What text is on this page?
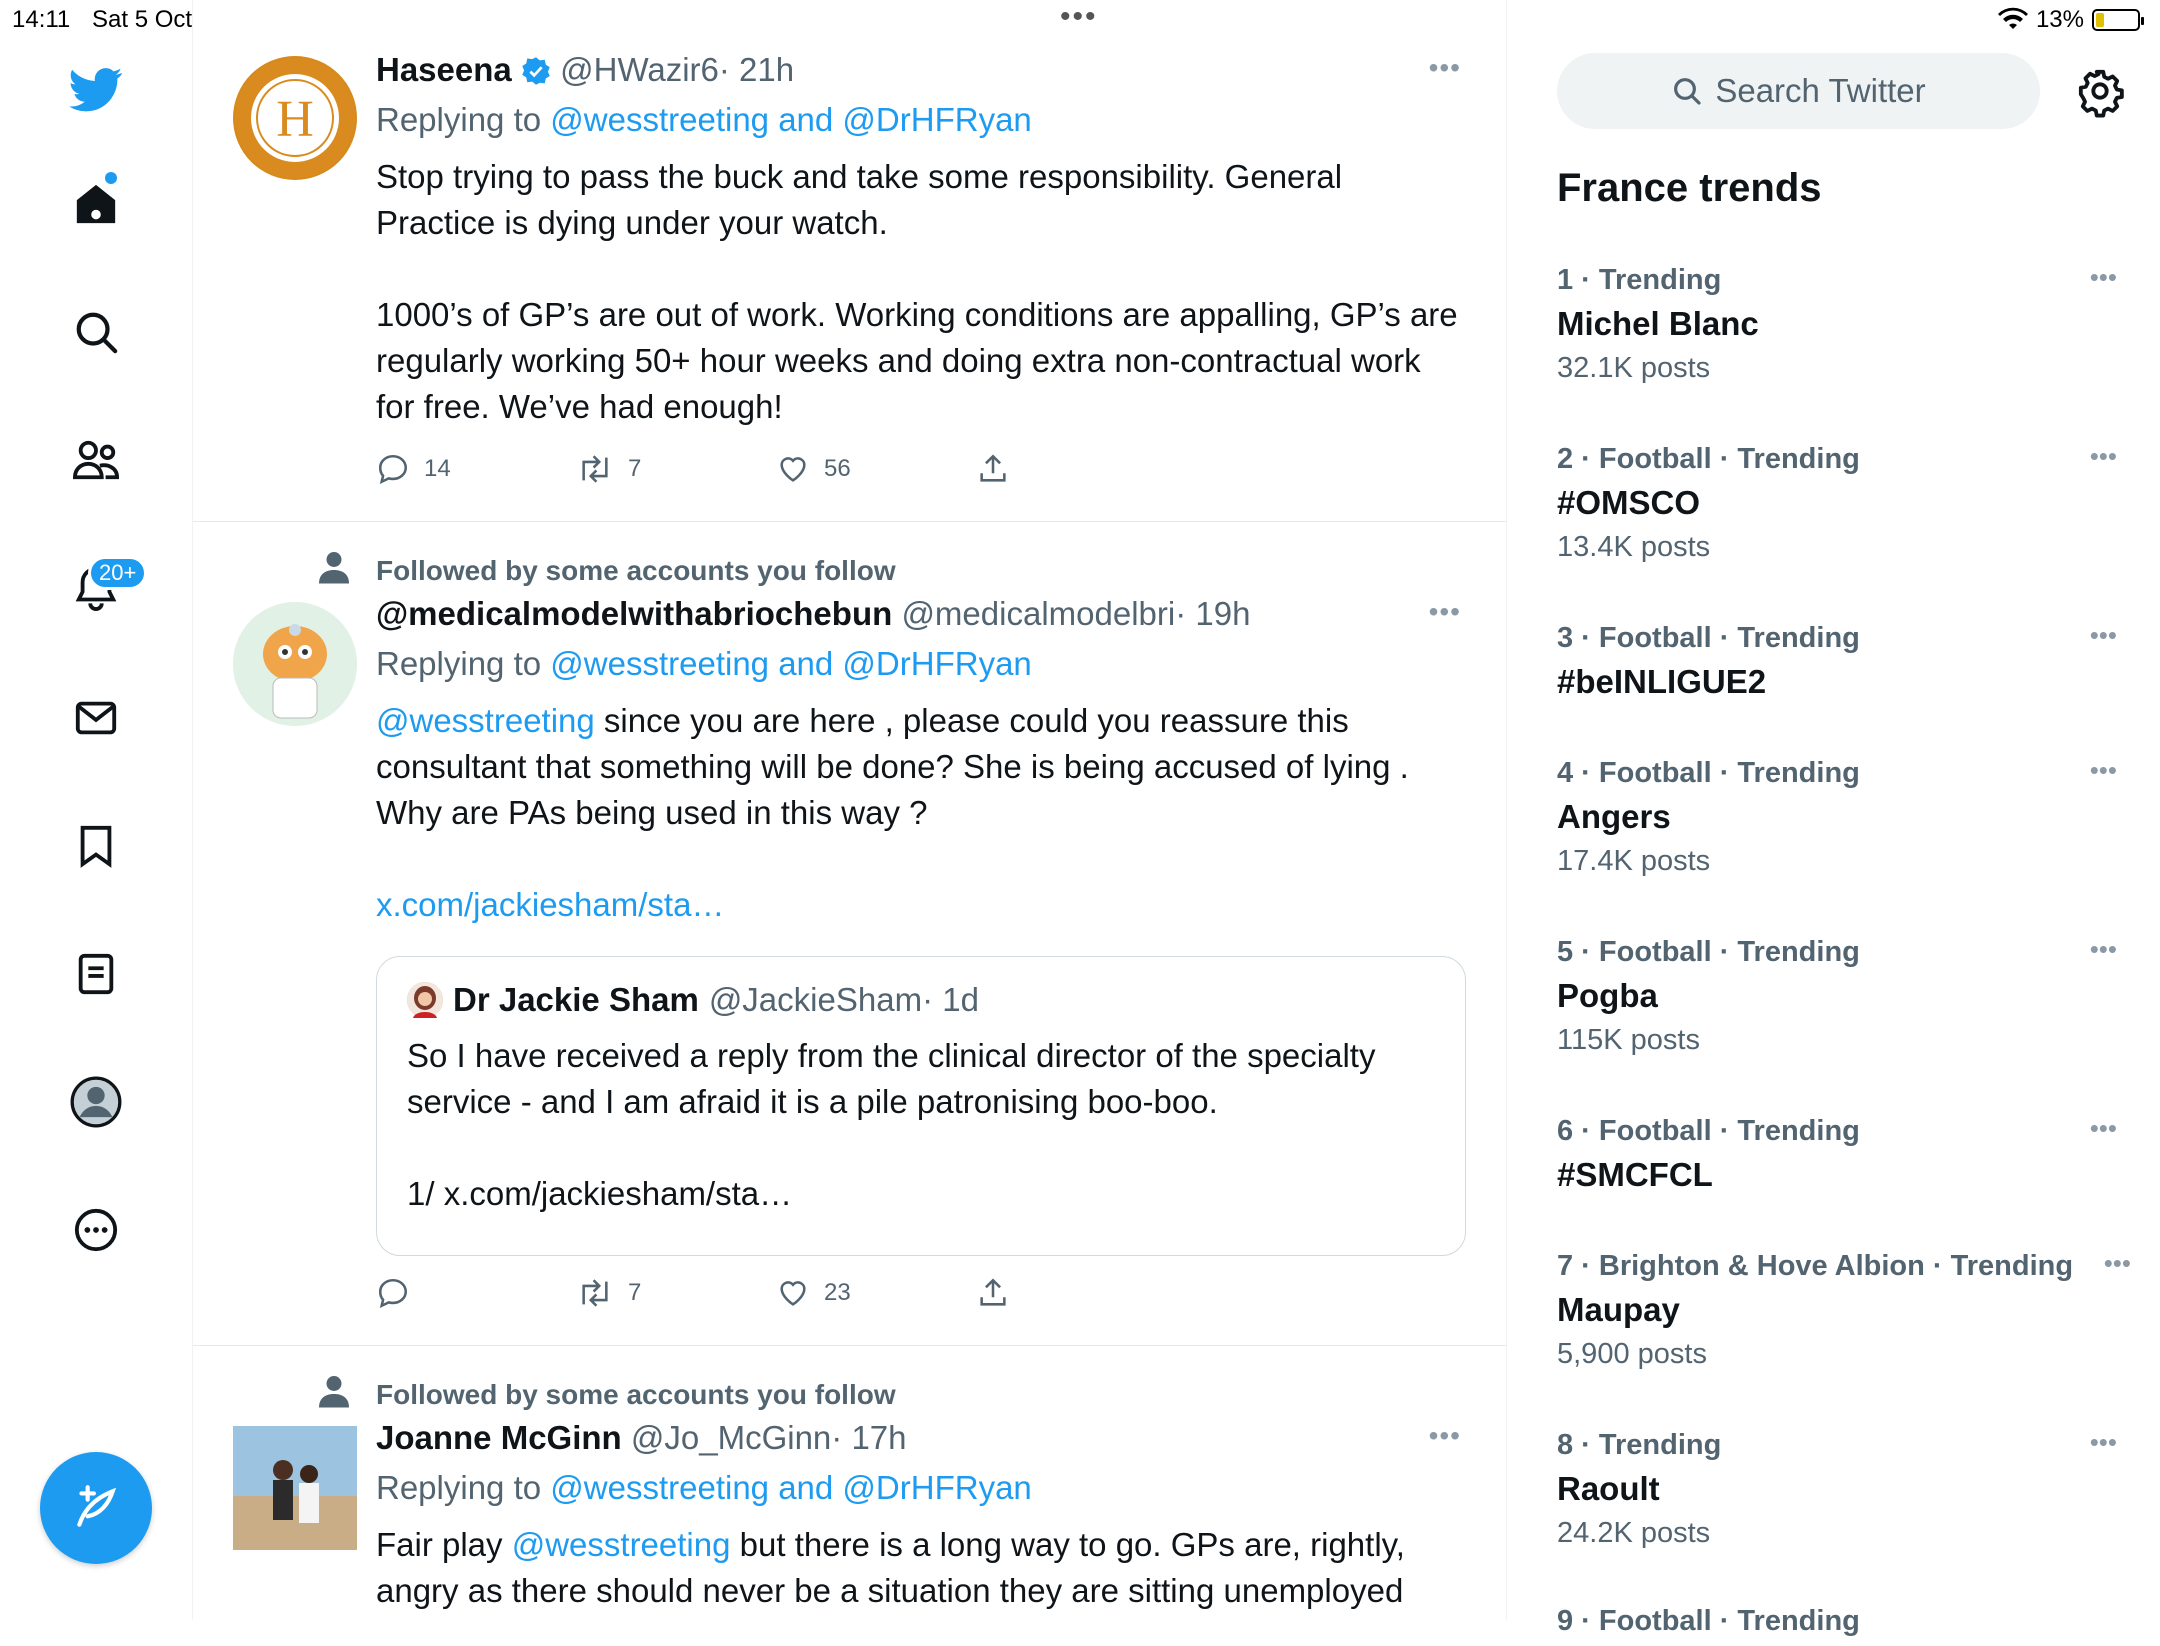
14:11 Sat 5 Oct	•••	13%
20+
H
Haseena @HWazir6· 21h
Replying to @wesstreeting and @DrHFRyan
Stop trying to pass the buck and take some responsibility. General Practice is dying under your watch.

1000’s of GP’s are out of work. Working conditions are appalling, GP’s are regularly working 50+ hour weeks and doing extra non-contractual work for free. We’ve had enough!
•••
14	7	56
Followed by some accounts you follow
@medicalmodelwithabriochebun @medicalmodelbri· 19h
Replying to @wesstreeting and @DrHFRyan
@wesstreeting since you are here , please could you reassure this consultant that something will be done? She is being accused of lying . Why are PAs being used in this way ?

x.com/jackiesham/sta…
•••
Dr Jackie Sham @JackieSham· 1d
So I have received a reply from the clinical director of the specialty service - and I am afraid it is a pile patronising boo-boo.

1/ x.com/jackiesham/sta…
7	23
Followed by some accounts you follow
Joanne McGinn @Jo_McGinn· 17h
Replying to @wesstreeting and @DrHFRyan
Fair play @wesstreeting but there is a long way to go. GPs are, rightly, angry as there should never be a situation they are sitting unemployed
•••
Search Twitter
France trends
1 · Trending
Michel Blanc
32.1K posts
•••
2 · Football · Trending
#OMSCO
13.4K posts
•••
3 · Football · Trending
#beINLIGUE2
•••
4 · Football · Trending
Angers
17.4K posts
•••
5 · Football · Trending
Pogba
115K posts
•••
6 · Football · Trending
#SMCFCL
•••
7 · Brighton & Hove Albion · Trending
Maupay
5,900 posts
•••
8 · Trending
Raoult
24.2K posts
•••
9 · Football · Trending
